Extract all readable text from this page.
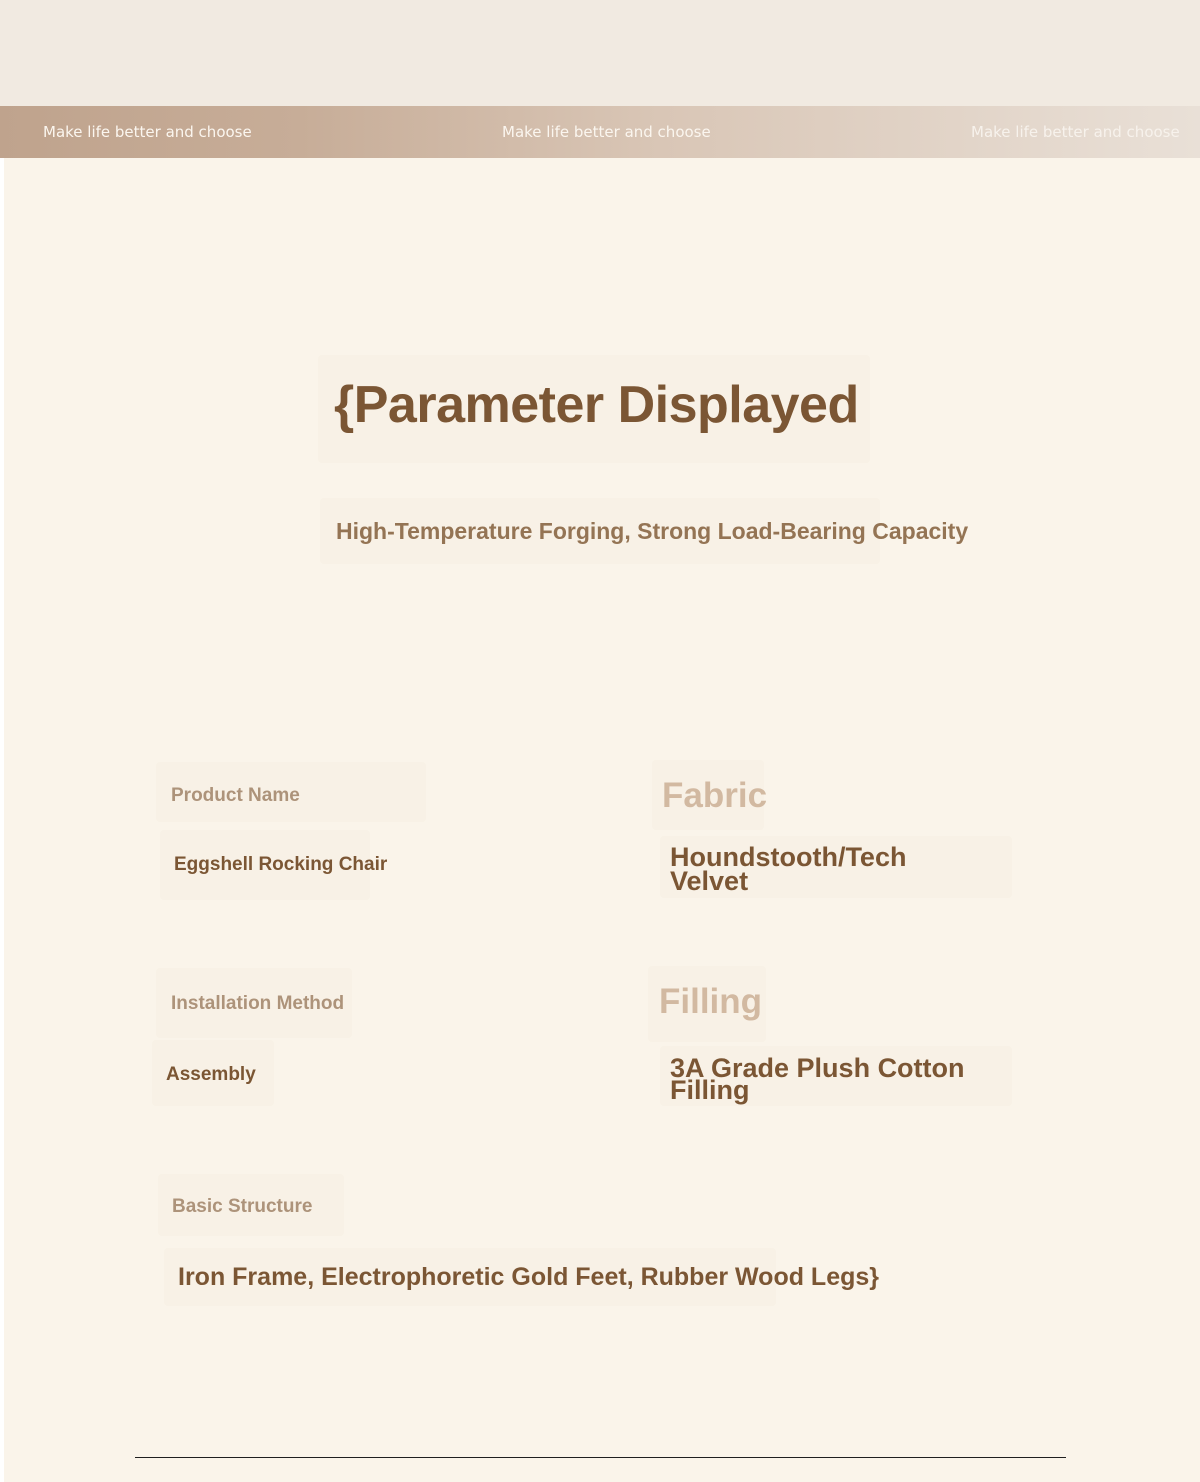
Make life better and choose	Make life better and choose	Make life better and choose
{Parameter Displayed
High-Temperature Forging, Strong Load-Bearing Capacity
Product Name
Eggshell Rocking Chair
Fabric
Houndstooth/Tech
Velvet
Installation Method
Assembly
Filling
3A Grade Plush Cotton
Filling
Basic Structure
Iron Frame, Electrophoretic Gold Feet, Rubber Wood Legs}
